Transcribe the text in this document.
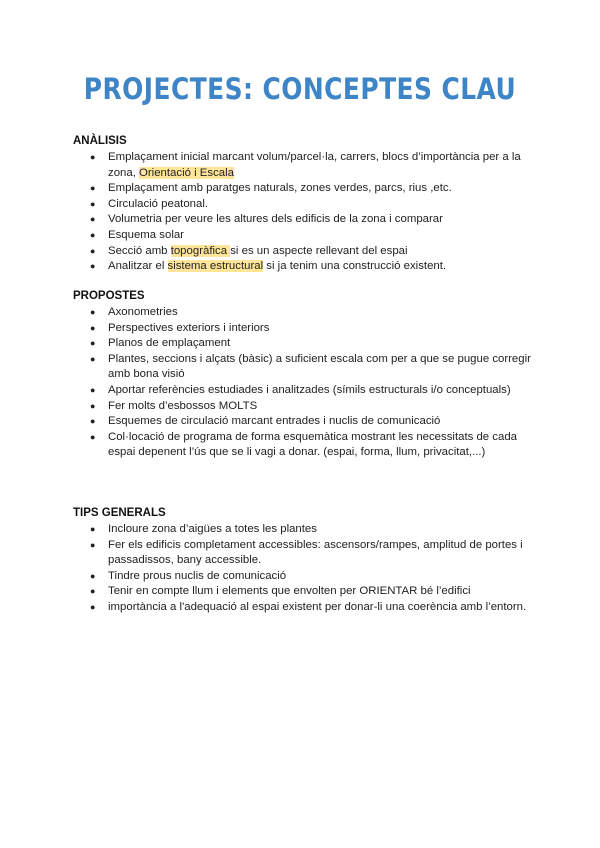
PROJECTES: CONCEPTES CLAU
ANÀLISIS
● Emplaçament inicial marcant volum/parcel·la, carrers, blocs d’importància per a la zona, Orientació i Escala
● Emplaçament amb paratges naturals, zones verdes, parcs, rius ,etc.
● Circulació peatonal.
● Volumetria per veure les altures dels edificis de la zona i comparar
● Esquema solar
● Secció amb topogràfica si es un aspecte rellevant del espai
● Analitzar el sistema estructural si ja tenim una construcció existent.
PROPOSTES
● Axonometries
● Perspectives exteriors i interiors
● Planos de emplaçament
● Plantes, seccions i alçats (bàsic) a suficient escala com per a que se pugue corregir amb bona visió
● Aportar referències estudiades i analitzades (símils estructurals i/o conceptuals)
● Fer molts d’esbossos MOLTS
● Esquemes de circulació marcant entrades i nuclis de comunicació
● Col·locació de programa de forma esquemàtica mostrant les necessitats de cada espai depenent l’ús que se li vagi a donar. (espai, forma, llum, privacitat,...)
TIPS GENERALS
● Incloure zona d’aigües a totes les plantes
● Fer els edificis completament accessibles: ascensors/rampes, amplitud de portes i passadissos, bany accessible.
● Tindre prous nuclis de comunicació
● Tenir en compte llum i elements que envolten per ORIENTAR bé l’edifici
● importància a l'adequació al espai existent per donar-li una coerència amb l’entorn.
